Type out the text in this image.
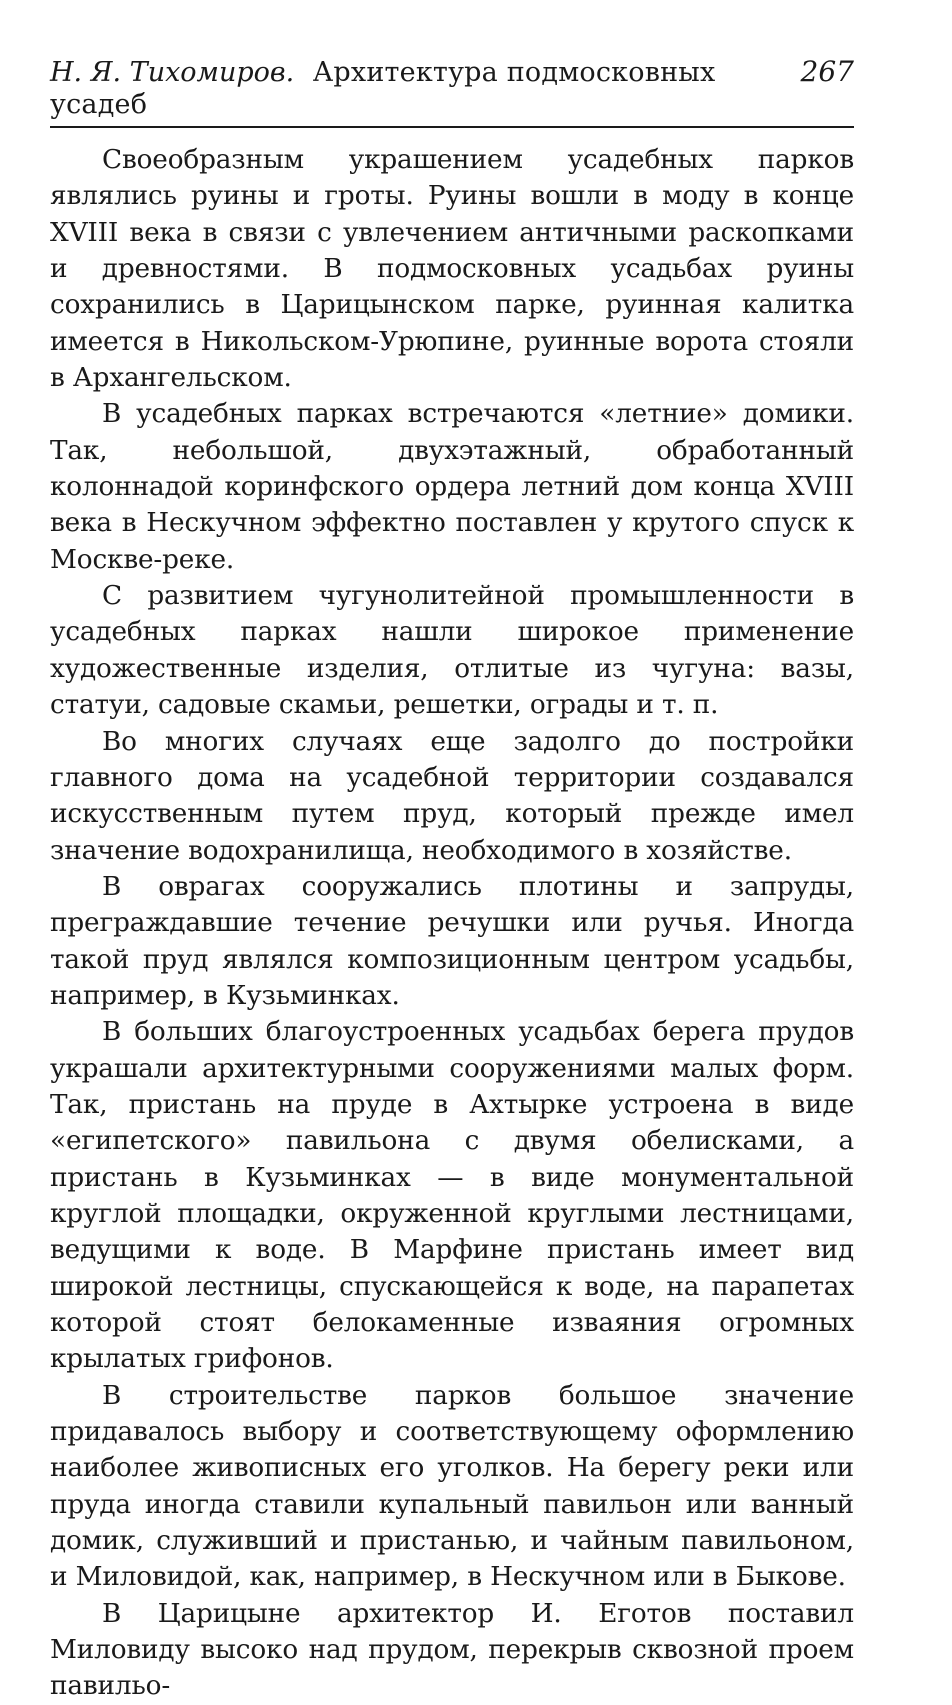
Н. Я. Тихомиров. Архитектура подмосковных усадеб
267

Своеобразным украшением усадебных парков являлись руины и гроты. Руины вошли в моду в конце XVIII века в связи с увлечением античными раскопками и древностями. В подмосковных усадьбах руины сохранились в Царицынском парке, руинная калитка имеется в Никольском-Урюпине, руинные ворота стояли в Архангельском.

В усадебных парках встречаются «летние» домики. Так, небольшой, двухэтажный, обработанный колоннадой коринфского ордера летний дом конца XVIII века в Нескучном эффектно поставлен у крутого спуск к Москве-реке.

С развитием чугунолитейной промышленности в усадебных парках нашли широкое применение художественные изделия, отлитые из чугуна: вазы, статуи, садовые скамьи, решетки, ограды и т. п.

Во многих случаях еще задолго до постройки главного дома на усадебной территории создавался искусственным путем пруд, который прежде имел значение водохранилища, необходимого в хозяйстве.

В оврагах сооружались плотины и запруды, преграждавшие течение речушки или ручья. Иногда такой пруд являлся композиционным центром усадьбы, например, в Кузьминках.

В больших благоустроенных усадьбах берега прудов украшали архитектурными сооружениями малых форм. Так, пристань на пруде в Ахтырке устроена в виде «египетского» павильона с двумя обелисками, а пристань в Кузьминках — в виде монументальной круглой площадки, окруженной круглыми лестницами, ведущими к воде. В Марфине пристань имеет вид широкой лестницы, спускающейся к воде, на парапетах которой стоят белокаменные изваяния огромных крылатых грифонов.

В строительстве парков большое значение придавалось выбору и соответствующему оформлению наиболее живописных его уголков. На берегу реки или пруда иногда ставили купальный павильон или ванный домик, служивший и пристанью, и чайным павильоном, и Миловидой, как, например, в Нескучном или в Быкове.

В Царицыне архитектор И. Еготов поставил Миловиду высоко над прудом, перекрыв сквозной проем павильо-
